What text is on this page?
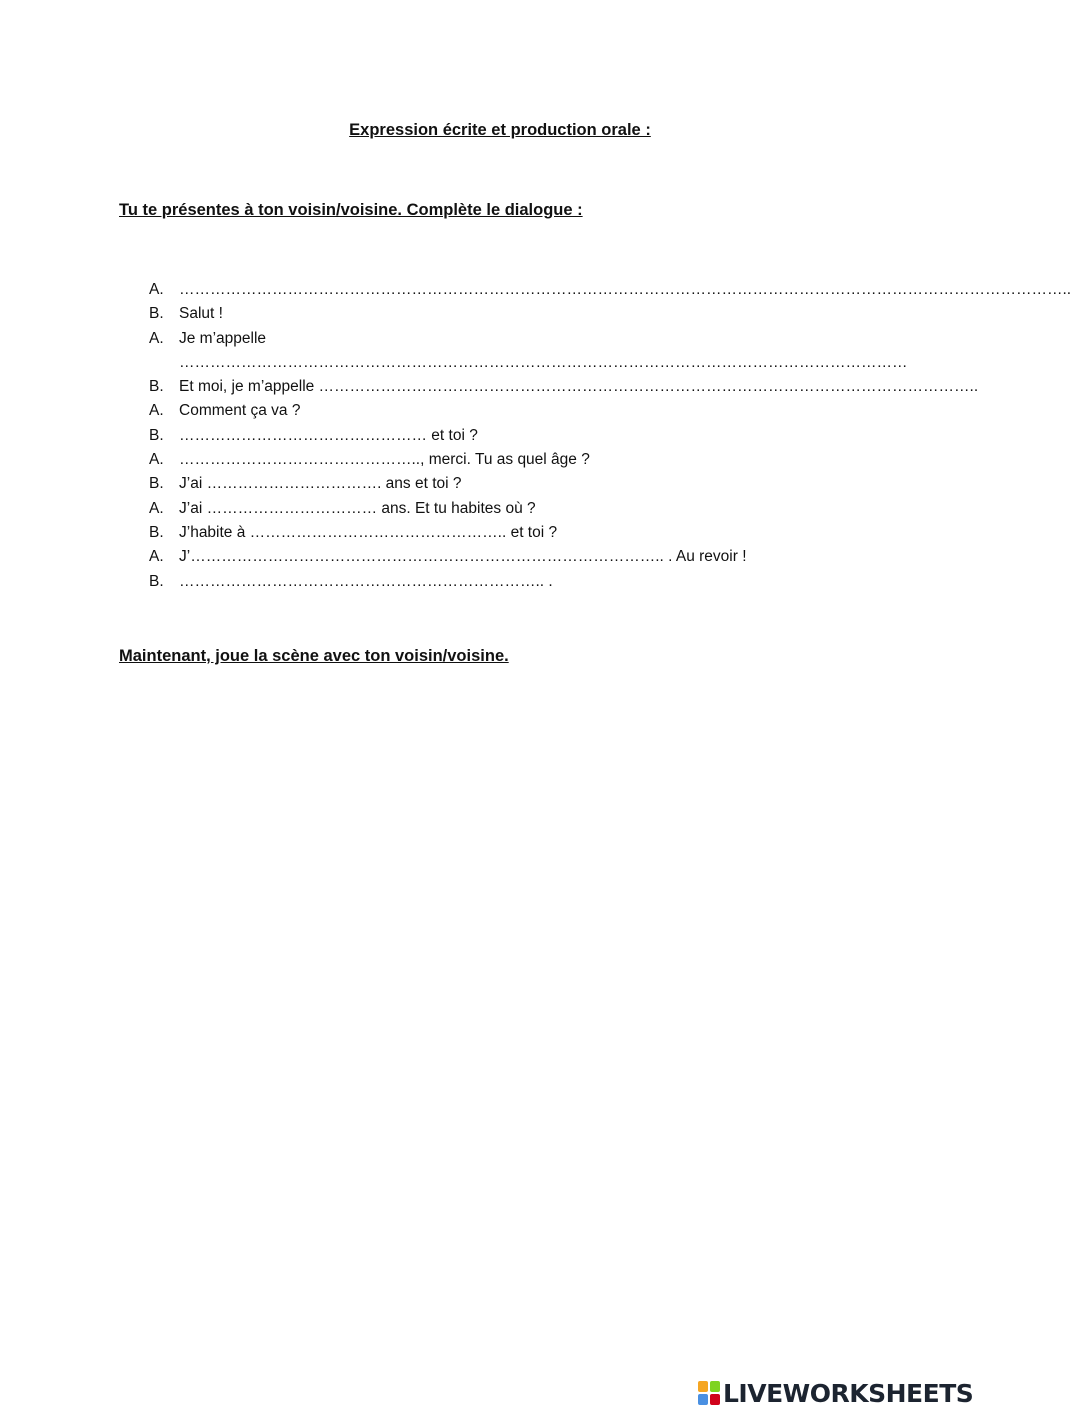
Expression écrite et production orale :

Tu te présentes à ton voisin/voisine. Complète le dialogue :

A. ………………………………………………………………………………………………………………………………………………………..
B. Salut !
A. Je m’appelle
……………………………………………………………………………………………………………………………
B. Et moi, je m’appelle ………………………………………………………………………………………………………………..
A. Comment ça va ?
B. ………………………………………… et toi ?
A. ……………………………………….., merci. Tu as quel âge ?
B. J’ai ……………………………. ans et toi ?
A. J’ai …………………………… ans. Et tu habites où ?
B. J’habite à ………………………………………….. et toi ?
A. J’……………………………………………………………………………….. . Au revoir !
B. …………………………………………………………….. .

Maintenant, joue la scène avec ton voisin/voisine.

LIVEWORKSHEETS
